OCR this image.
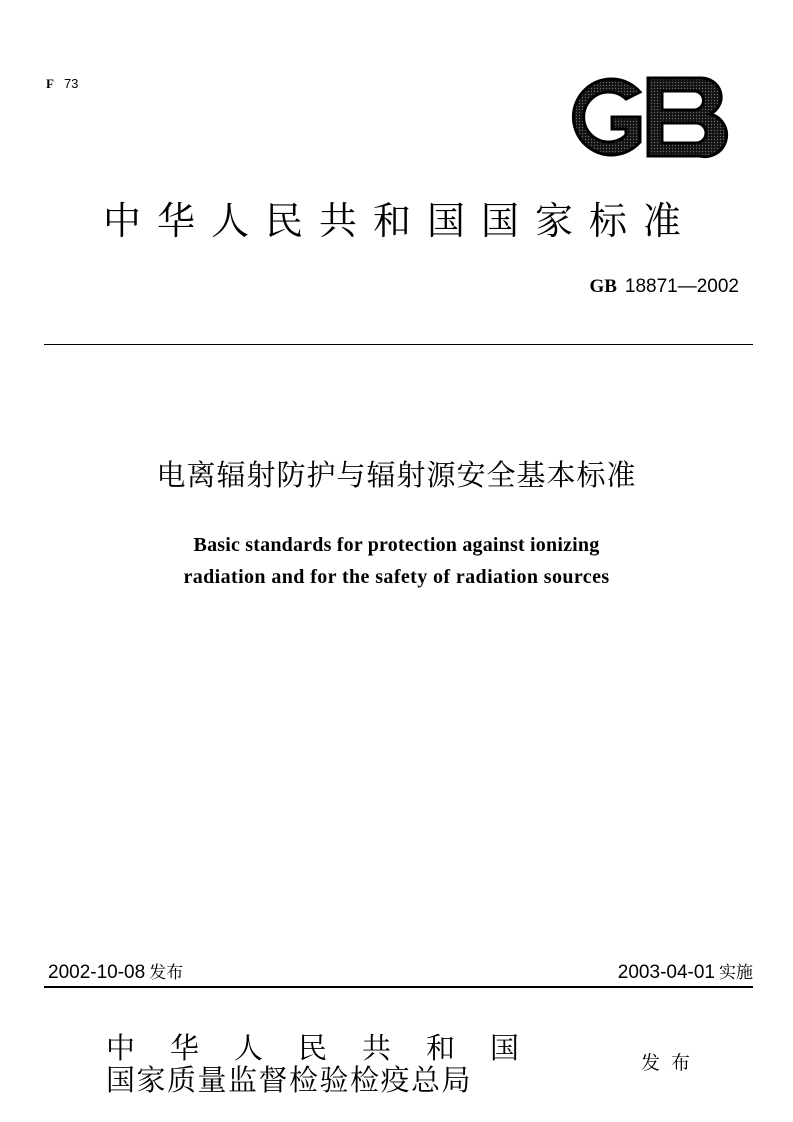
F 73
中华人民共和国国家标准
GB 18871—2002
电离辐射防护与辐射源安全基本标准
Basic standards for protection against ionizing
radiation and for the safety of radiation sources
2002-10-08 发布	2003-04-01 实施
中华人民共和国
国家质量监督检验检疫总局	发布
